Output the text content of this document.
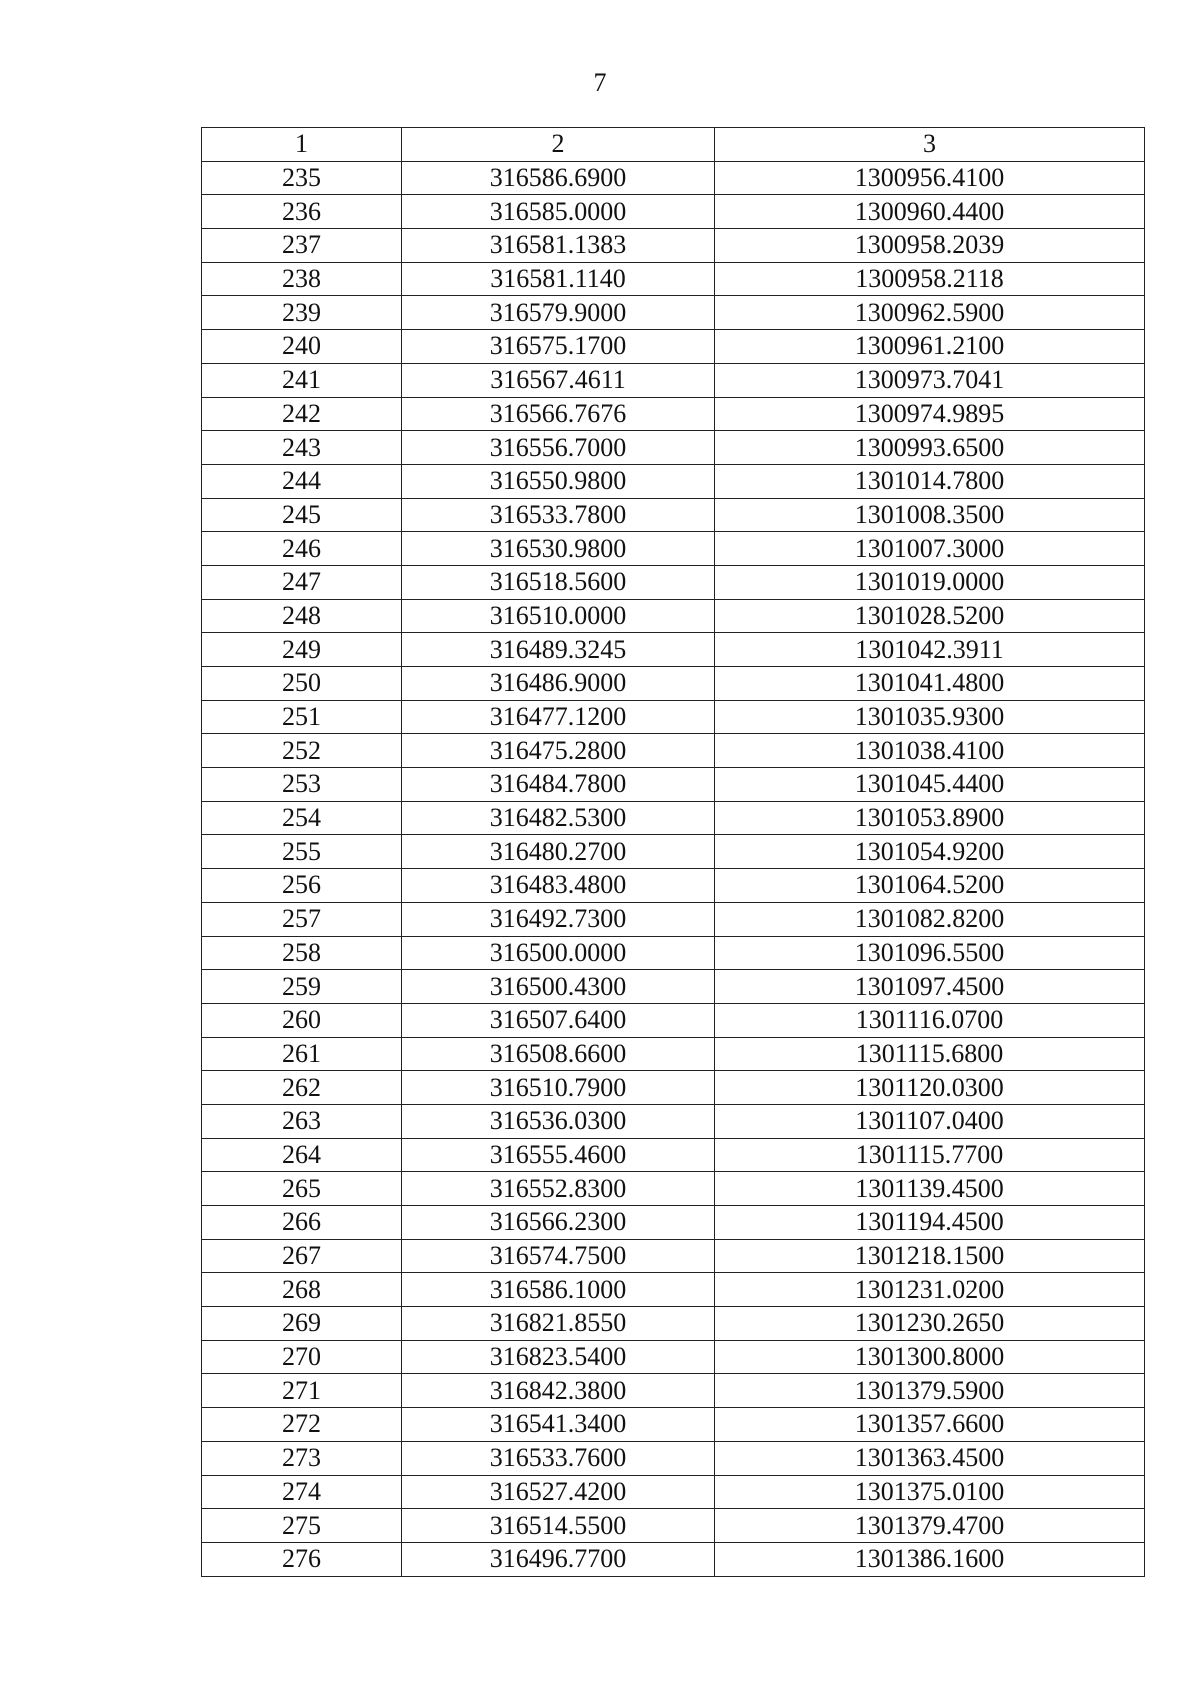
7
1	2	3
235	316586.6900	1300956.4100
236	316585.0000	1300960.4400
237	316581.1383	1300958.2039
238	316581.1140	1300958.2118
239	316579.9000	1300962.5900
240	316575.1700	1300961.2100
241	316567.4611	1300973.7041
242	316566.7676	1300974.9895
243	316556.7000	1300993.6500
244	316550.9800	1301014.7800
245	316533.7800	1301008.3500
246	316530.9800	1301007.3000
247	316518.5600	1301019.0000
248	316510.0000	1301028.5200
249	316489.3245	1301042.3911
250	316486.9000	1301041.4800
251	316477.1200	1301035.9300
252	316475.2800	1301038.4100
253	316484.7800	1301045.4400
254	316482.5300	1301053.8900
255	316480.2700	1301054.9200
256	316483.4800	1301064.5200
257	316492.7300	1301082.8200
258	316500.0000	1301096.5500
259	316500.4300	1301097.4500
260	316507.6400	1301116.0700
261	316508.6600	1301115.6800
262	316510.7900	1301120.0300
263	316536.0300	1301107.0400
264	316555.4600	1301115.7700
265	316552.8300	1301139.4500
266	316566.2300	1301194.4500
267	316574.7500	1301218.1500
268	316586.1000	1301231.0200
269	316821.8550	1301230.2650
270	316823.5400	1301300.8000
271	316842.3800	1301379.5900
272	316541.3400	1301357.6600
273	316533.7600	1301363.4500
274	316527.4200	1301375.0100
275	316514.5500	1301379.4700
276	316496.7700	1301386.1600
